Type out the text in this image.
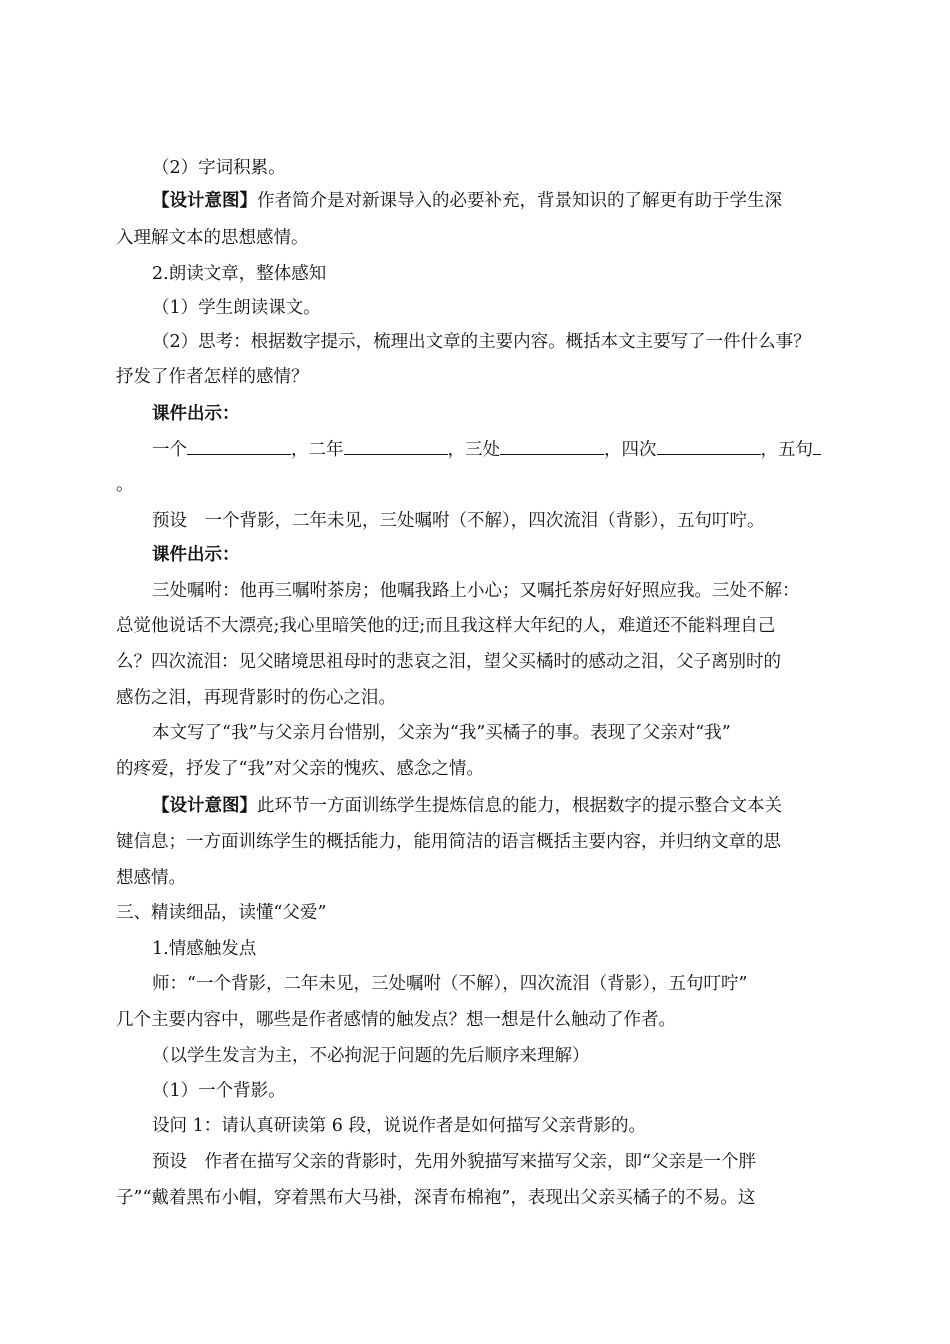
（2）字词积累。
【设计意图】作者简介是对新课导入的必要补充，背景知识的了解更有助于学生深
入理解文本的思想感情。
2.朗读文章，整体感知
（1）学生朗读课文。
（2）思考：根据数字提示，梳理出文章的主要内容。概括本文主要写了一件什么事？
抒发了作者怎样的感情？
课件出示：
一个	，二年	，三处	，四次	，五句
。
预设　一个背影，二年未见，三处嘱咐（不解），四次流泪（背影），五句叮咛。
课件出示：
三处嘱咐：他再三嘱咐茶房；他嘱我路上小心；又嘱托茶房好好照应我。三处不解：
总觉他说话不大漂亮;我心里暗笑他的迂;而且我这样大年纪的人，难道还不能料理自己
么？四次流泪：见父睹境思祖母时的悲哀之泪，望父买橘时的感动之泪，父子离别时的
感伤之泪，再现背影时的伤心之泪。
本文写了“我”与父亲月台惜别，父亲为“我”买橘子的事。表现了父亲对“我”
的疼爱，抒发了“我”对父亲的愧疚、感念之情。
【设计意图】此环节一方面训练学生提炼信息的能力，根据数字的提示整合文本关
键信息；一方面训练学生的概括能力，能用简洁的语言概括主要内容，并归纳文章的思
想感情。
三、精读细品，读懂“父爱”
1.情感触发点
师：“一个背影，二年未见，三处嘱咐（不解），四次流泪（背影），五句叮咛”
几个主要内容中，哪些是作者感情的触发点？想一想是什么触动了作者。
（以学生发言为主，不必拘泥于问题的先后顺序来理解）
（1）一个背影。
设问 1：请认真研读第 6 段，说说作者是如何描写父亲背影的。
预设　作者在描写父亲的背影时，先用外貌描写来描写父亲，即“父亲是一个胖
子”“戴着黑布小帽，穿着黑布大马褂，深青布棉袍”，表现出父亲买橘子的不易。这
